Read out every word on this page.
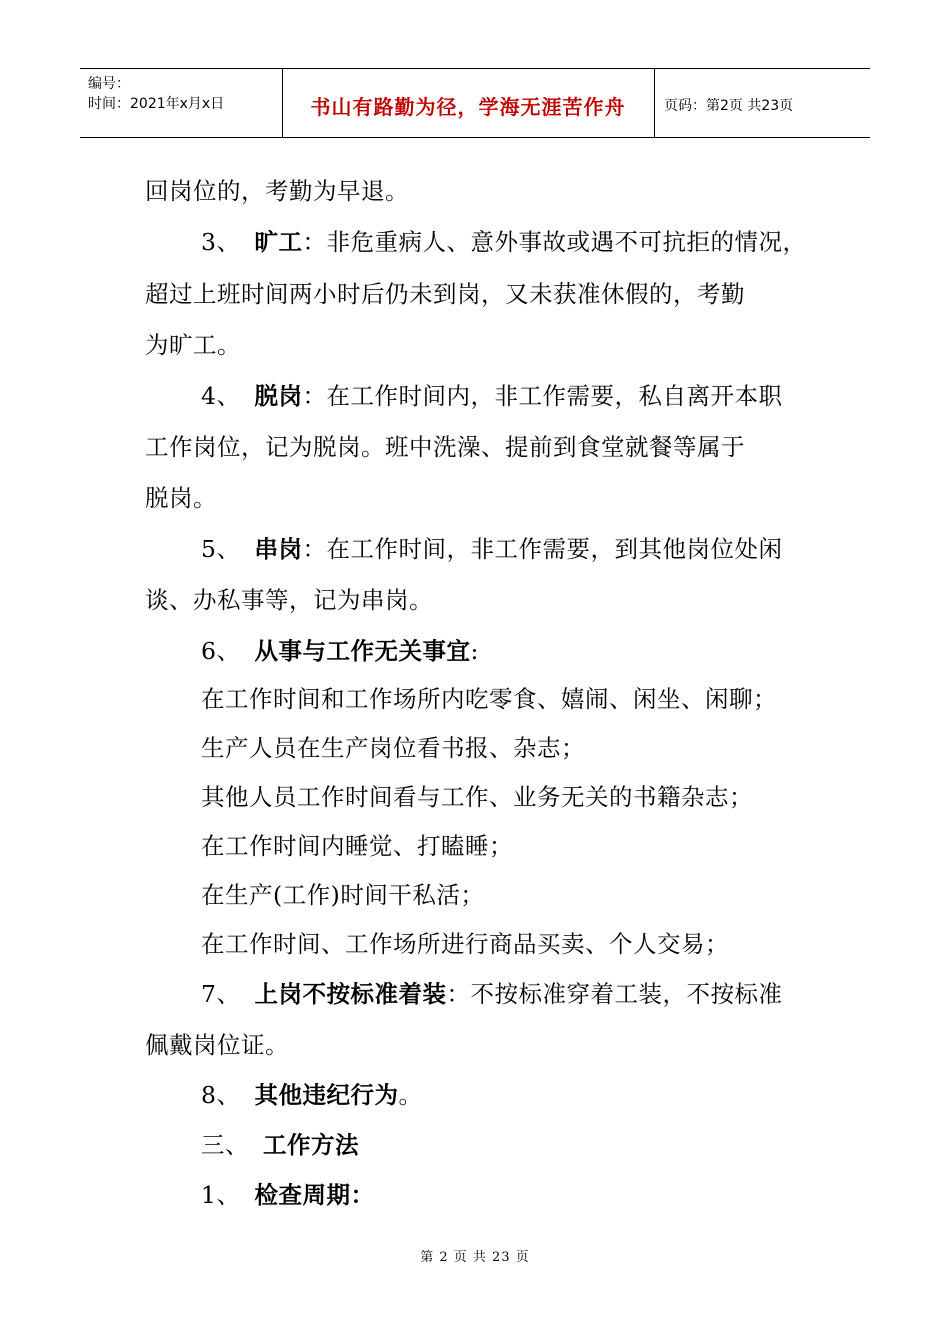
编号：
时间：2021年x月x日	书山有路勤为径，学海无涯苦作舟	页码：第2页 共23页
回岗位的，考勤为早退。
3、 旷工：非危重病人、意外事故或遇不可抗拒的情况，
超过上班时间两小时后仍未到岗，又未获准休假的，考勤
为旷工。
4、 脱岗：在工作时间内，非工作需要，私自离开本职
工作岗位，记为脱岗。班中洗澡、提前到食堂就餐等属于
脱岗。
5、 串岗：在工作时间，非工作需要，到其他岗位处闲
谈、办私事等，记为串岗。
6、 从事与工作无关事宜:
在工作时间和工作场所内吃零食、嬉闹、闲坐、闲聊；
生产人员在生产岗位看书报、杂志；
其他人员工作时间看与工作、业务无关的书籍杂志；
在工作时间内睡觉、打瞌睡；
在生产(工作)时间干私活；
在工作时间、工作场所进行商品买卖、个人交易；
7、 上岗不按标准着装：不按标准穿着工装，不按标准
佩戴岗位证。
8、 其他违纪行为。
三、 工作方法
1、 检查周期：
第 2 页 共 23 页
